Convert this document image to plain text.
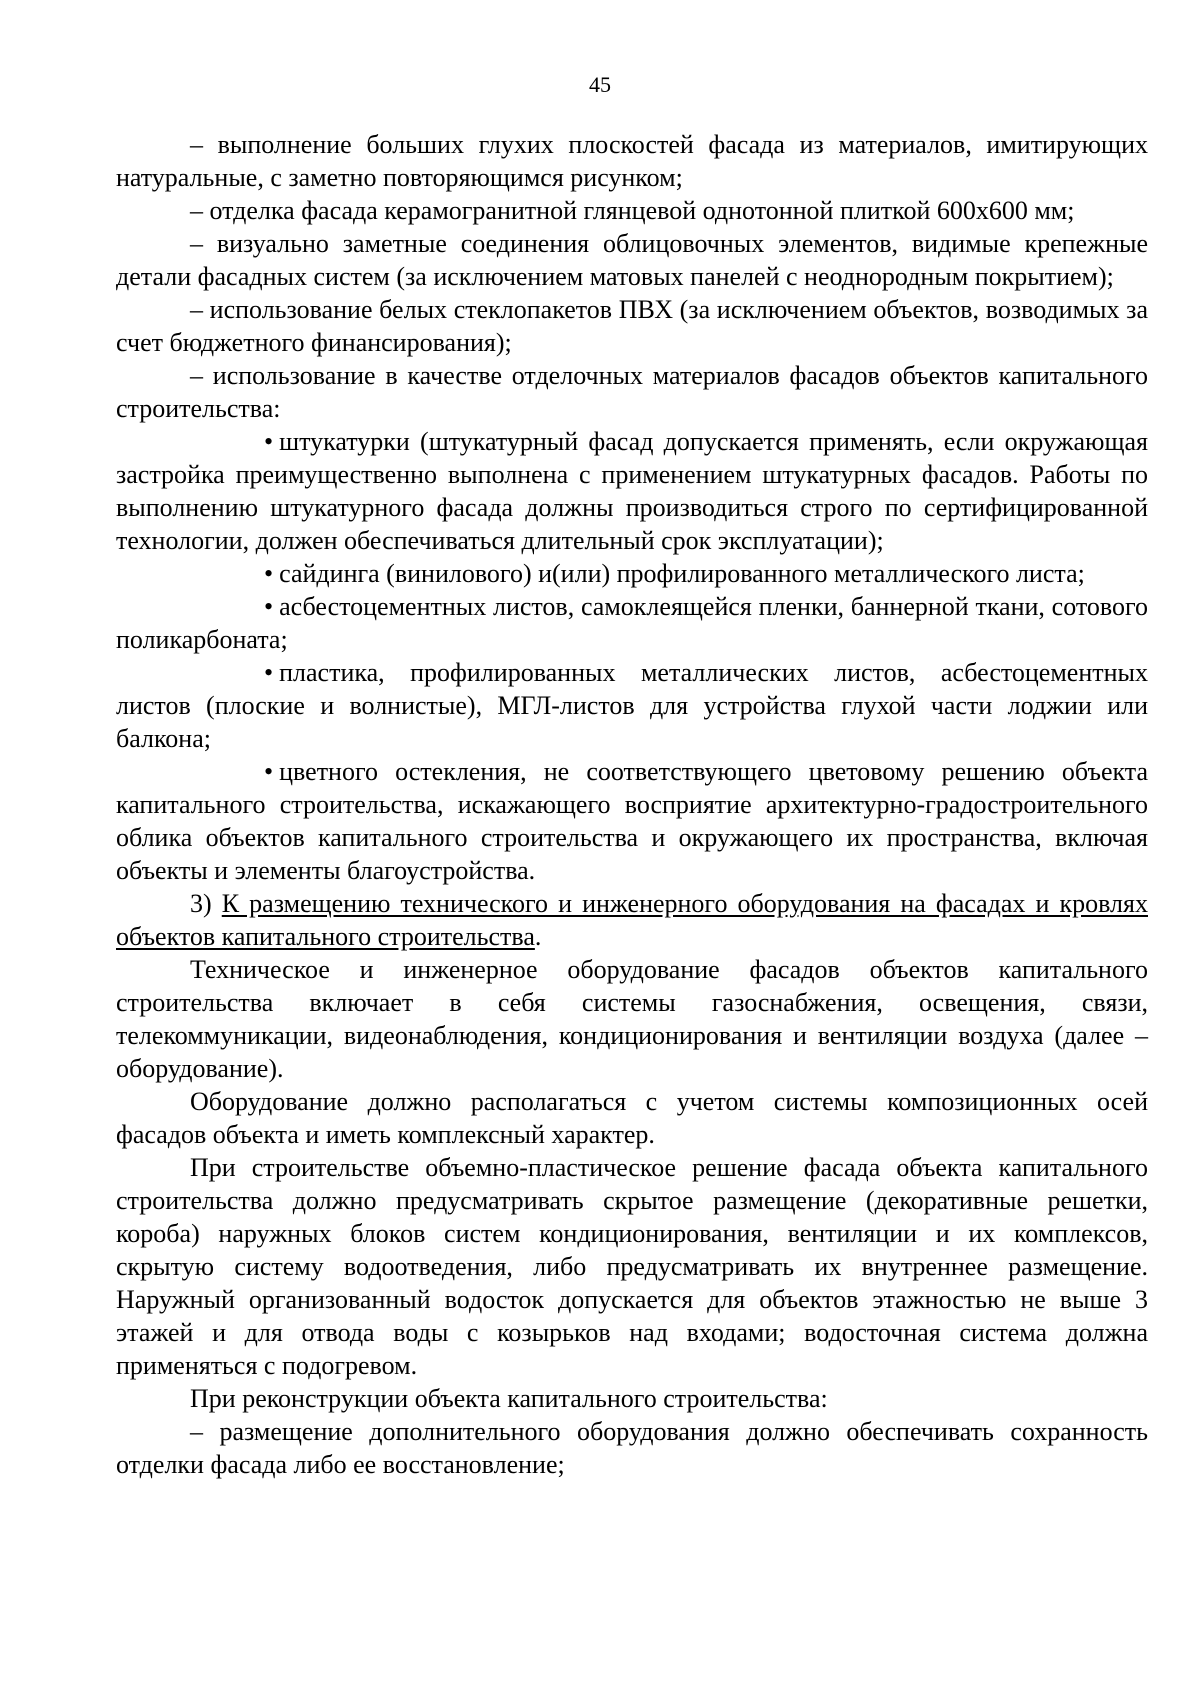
45

– выполнение больших глухих плоскостей фасада из материалов, имитирующих натуральные, с заметно повторяющимся рисунком;

– отделка фасада керамогранитной глянцевой однотонной плиткой 600х600 мм;

– визуально заметные соединения облицовочных элементов, видимые крепежные детали фасадных систем (за исключением матовых панелей с неоднородным покрытием);

– использование белых стеклопакетов ПВХ (за исключением объектов, возводимых за счет бюджетного финансирования);

– использование в качестве отделочных материалов фасадов объектов капитального строительства:

• штукатурки (штукатурный фасад допускается применять, если окружающая застройка преимущественно выполнена с применением штукатурных фасадов. Работы по выполнению штукатурного фасада должны производиться строго по сертифицированной технологии, должен обеспечиваться длительный срок эксплуатации);

• сайдинга (винилового) и(или) профилированного металлического листа;

• асбестоцементных листов, самоклеящейся пленки, баннерной ткани, сотового поликарбоната;

• пластика, профилированных металлических листов, асбестоцементных листов (плоские и волнистые), МГЛ-листов для устройства глухой части лоджии или балкона;

• цветного остекления, не соответствующего цветовому решению объекта капитального строительства, искажающего восприятие архитектурно-градостроительного облика объектов капитального строительства и окружающего их пространства, включая объекты и элементы благоустройства.

3) К размещению технического и инженерного оборудования на фасадах и кровлях объектов капитального строительства.

Техническое и инженерное оборудование фасадов объектов капитального строительства включает в себя системы газоснабжения, освещения, связи, телекоммуникации, видеонаблюдения, кондиционирования и вентиляции воздуха (далее – оборудование).

Оборудование должно располагаться с учетом системы композиционных осей фасадов объекта и иметь комплексный характер.

При строительстве объемно-пластическое решение фасада объекта капитального строительства должно предусматривать скрытое размещение (декоративные решетки, короба) наружных блоков систем кондиционирования, вентиляции и их комплексов, скрытую систему водоотведения, либо предусматривать их внутреннее размещение. Наружный организованный водосток допускается для объектов этажностью не выше 3 этажей и для отвода воды с козырьков над входами; водосточная система должна применяться с подогревом.

При реконструкции объекта капитального строительства:

– размещение дополнительного оборудования должно обеспечивать сохранность отделки фасада либо ее восстановление;
